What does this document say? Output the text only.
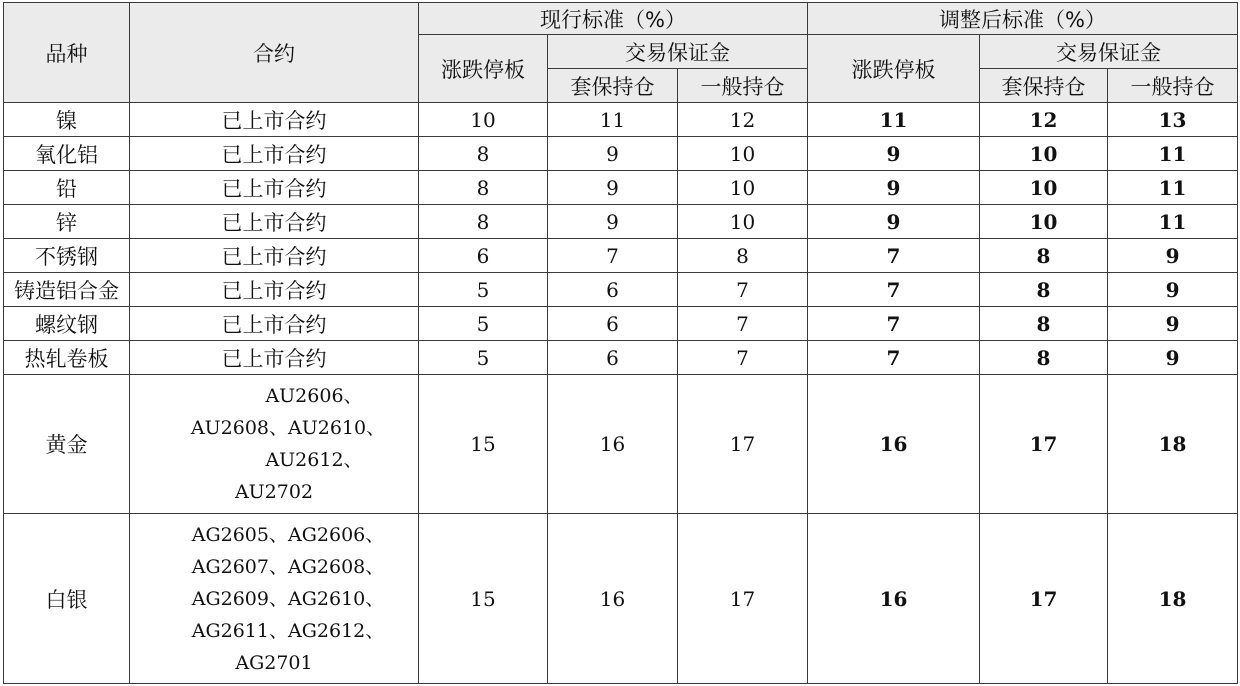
品种	合约	现行标准（%）			调整后标准（%）		
		涨跌停板	交易保证金		涨跌停板	交易保证金	
			套保持仓	一般持仓		套保持仓	一般持仓
镍	已上市合约	10	11	12	11	12	13
氧化铝	已上市合约	8	9	10	9	10	11
铅	已上市合约	8	9	10	9	10	11
锌	已上市合约	8	9	10	9	10	11
不锈钢	已上市合约	6	7	8	7	8	9
铸造铝合金	已上市合约	5	6	7	7	8	9
螺纹钢	已上市合约	5	6	7	7	8	9
热轧卷板	已上市合约	5	6	7	7	8	9
黄金	AU2606、
AU2608、AU2610、
AU2612、
AU2702	15	16	17	16	17	18
白银	AG2605、AG2606、
AG2607、AG2608、
AG2609、AG2610、
AG2611、AG2612、
AG2701	15	16	17	16	17	18
